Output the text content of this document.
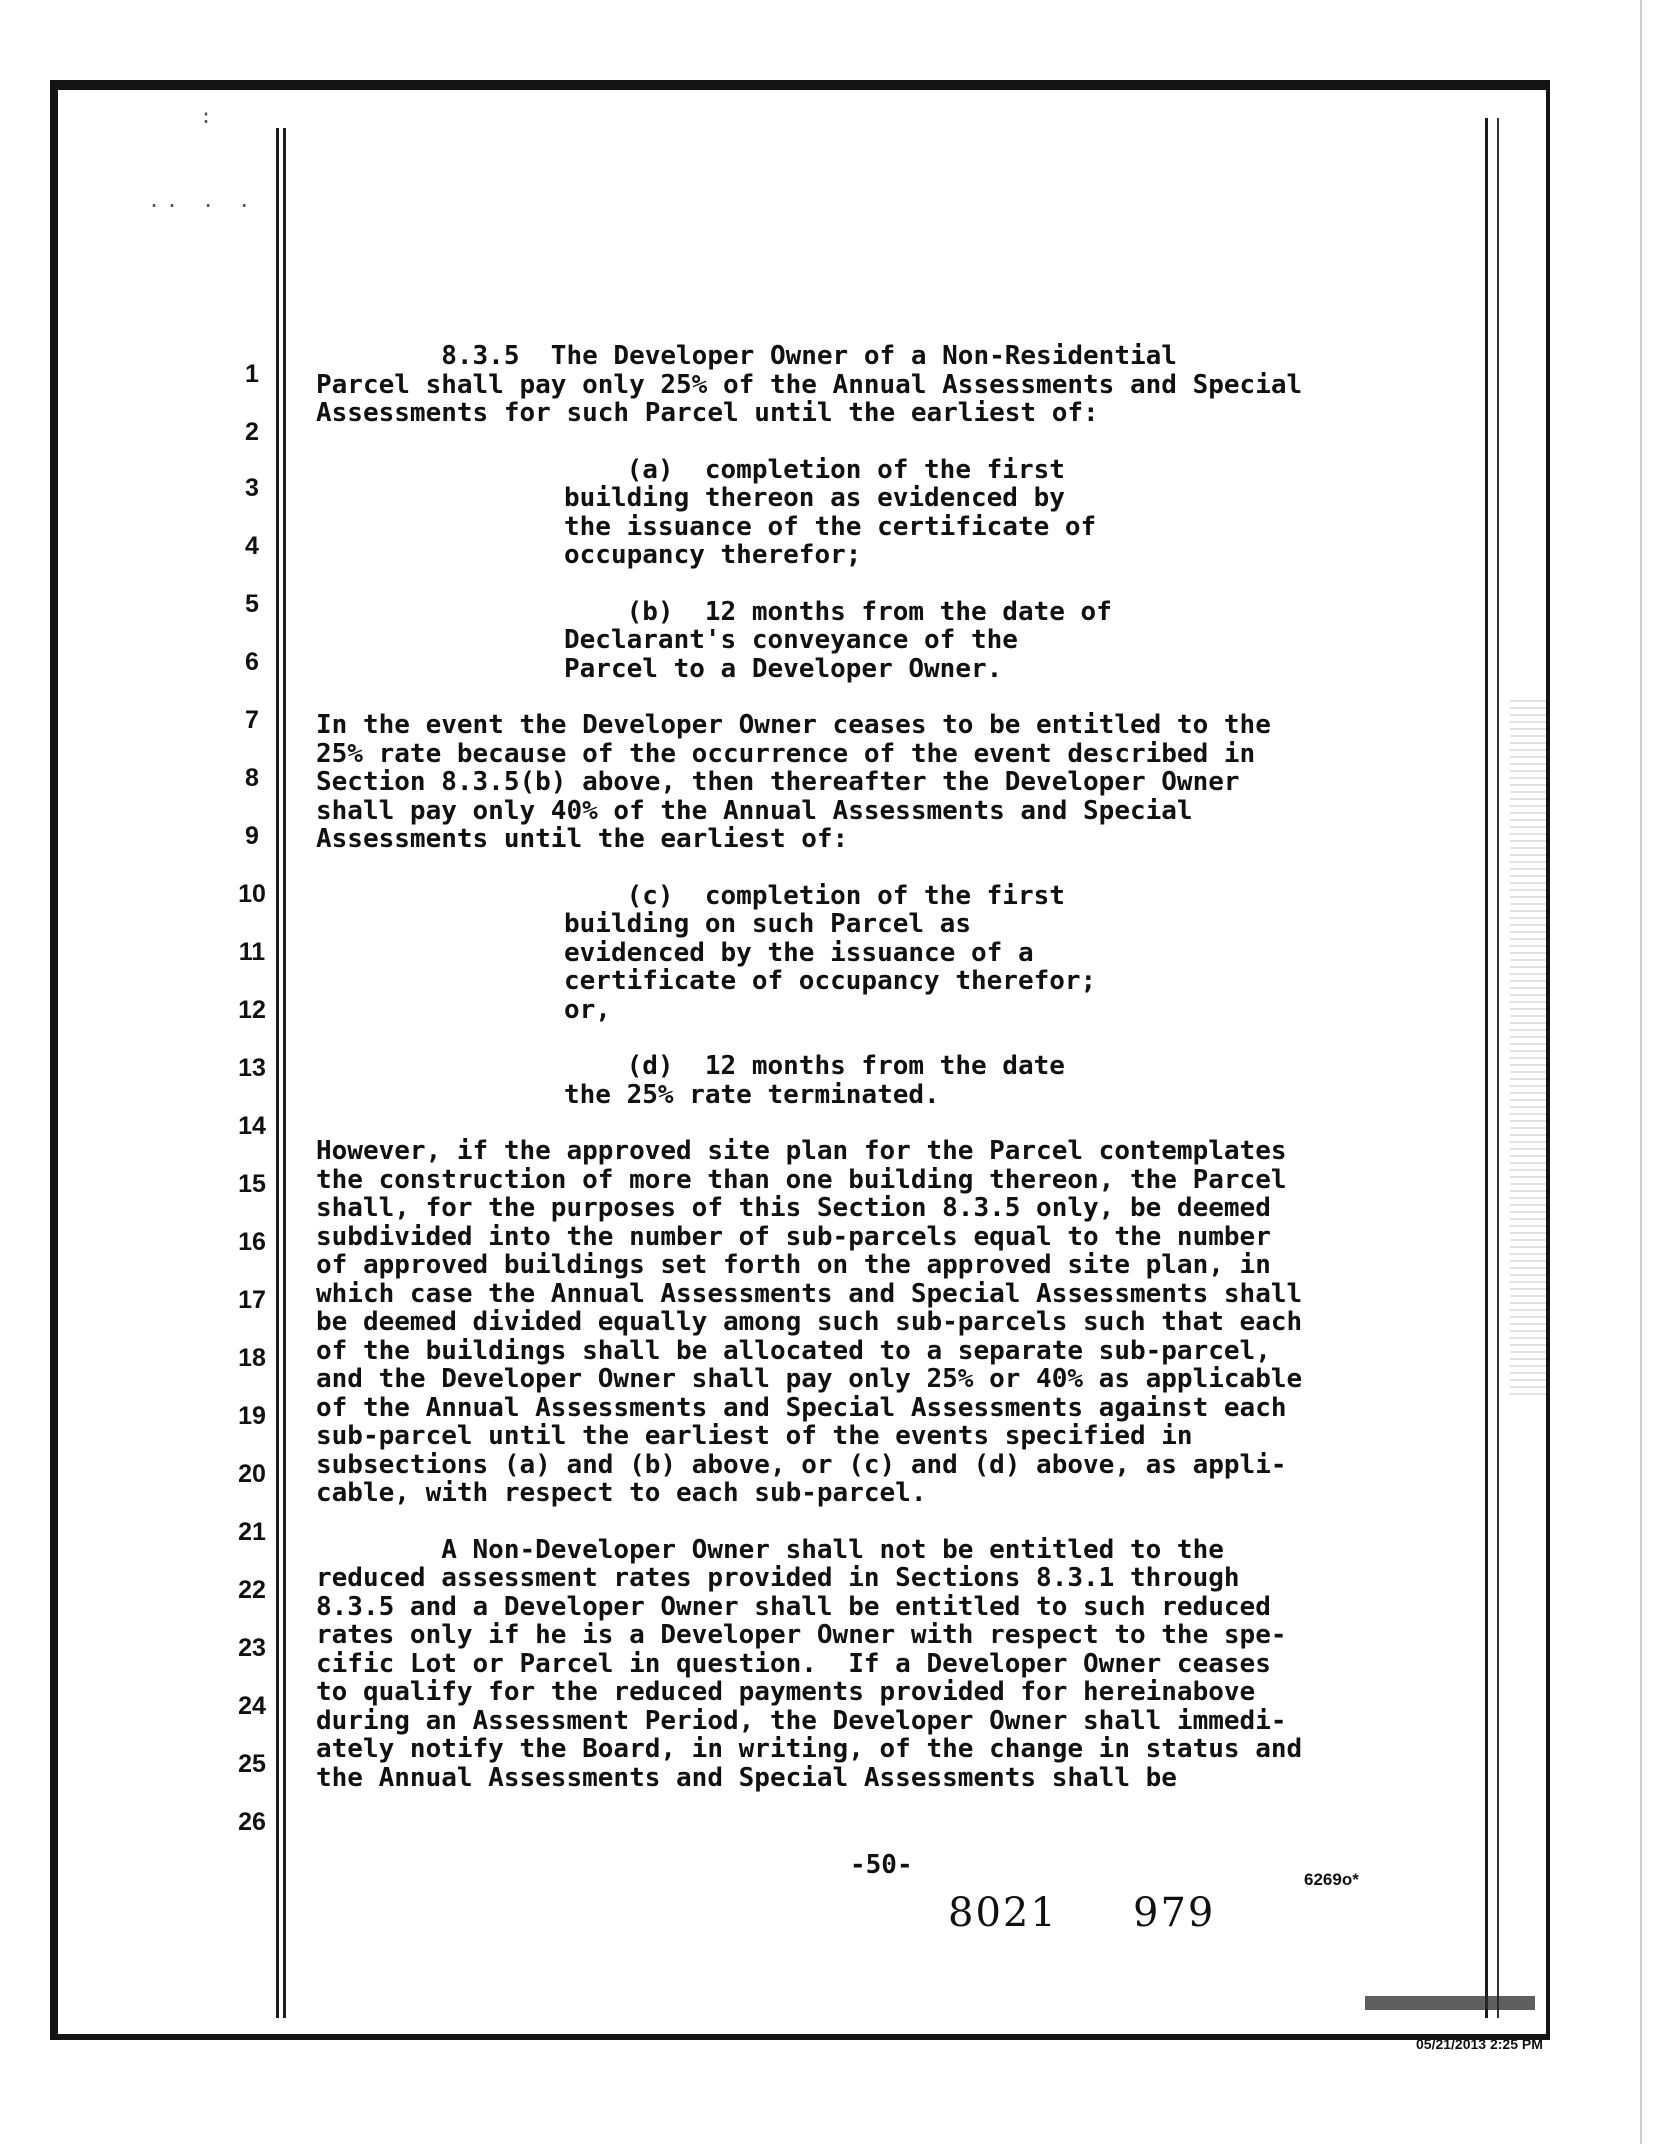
.. . .
:
1
2
3
4
5
6
7
8
9
10
11
12
13
14
15
16
17
18
19
20
21
22
23
24
25
26

8.3.5  The Developer Owner of a Non-Residential

Parcel shall pay only 25% of the Annual Assessments and Special

Assessments for such Parcel until the earliest of:

(a)  completion of the first

building thereon as evidenced by

the issuance of the certificate of

occupancy therefor;

(b)  12 months from the date of

Declarant's conveyance of the

Parcel to a Developer Owner.

In the event the Developer Owner ceases to be entitled to the

25% rate because of the occurrence of the event described in

Section 8.3.5(b) above, then thereafter the Developer Owner

shall pay only 40% of the Annual Assessments and Special

Assessments until the earliest of:

(c)  completion of the first

building on such Parcel as

evidenced by the issuance of a

certificate of occupancy therefor;

or,

(d)  12 months from the date

the 25% rate terminated.

However, if the approved site plan for the Parcel contemplates

the construction of more than one building thereon, the Parcel

shall, for the purposes of this Section 8.3.5 only, be deemed

subdivided into the number of sub-parcels equal to the number

of approved buildings set forth on the approved site plan, in

which case the Annual Assessments and Special Assessments shall

be deemed divided equally among such sub-parcels such that each

of the buildings shall be allocated to a separate sub-parcel,

and the Developer Owner shall pay only 25% or 40% as applicable

of the Annual Assessments and Special Assessments against each

sub-parcel until the earliest of the events specified in

subsections (a) and (b) above, or (c) and (d) above, as appli-

cable, with respect to each sub-parcel.

A Non-Developer Owner shall not be entitled to the

reduced assessment rates provided in Sections 8.3.1 through

8.3.5 and a Developer Owner shall be entitled to such reduced

rates only if he is a Developer Owner with respect to the spe-

cific Lot or Parcel in question.  If a Developer Owner ceases

to qualify for the reduced payments provided for hereinabove

during an Assessment Period, the Developer Owner shall immedi-

ately notify the Board, in writing, of the change in status and

the Annual Assessments and Special Assessments shall be

-50-
8021 979
6269o*
05/21/2013 2:25 PM
